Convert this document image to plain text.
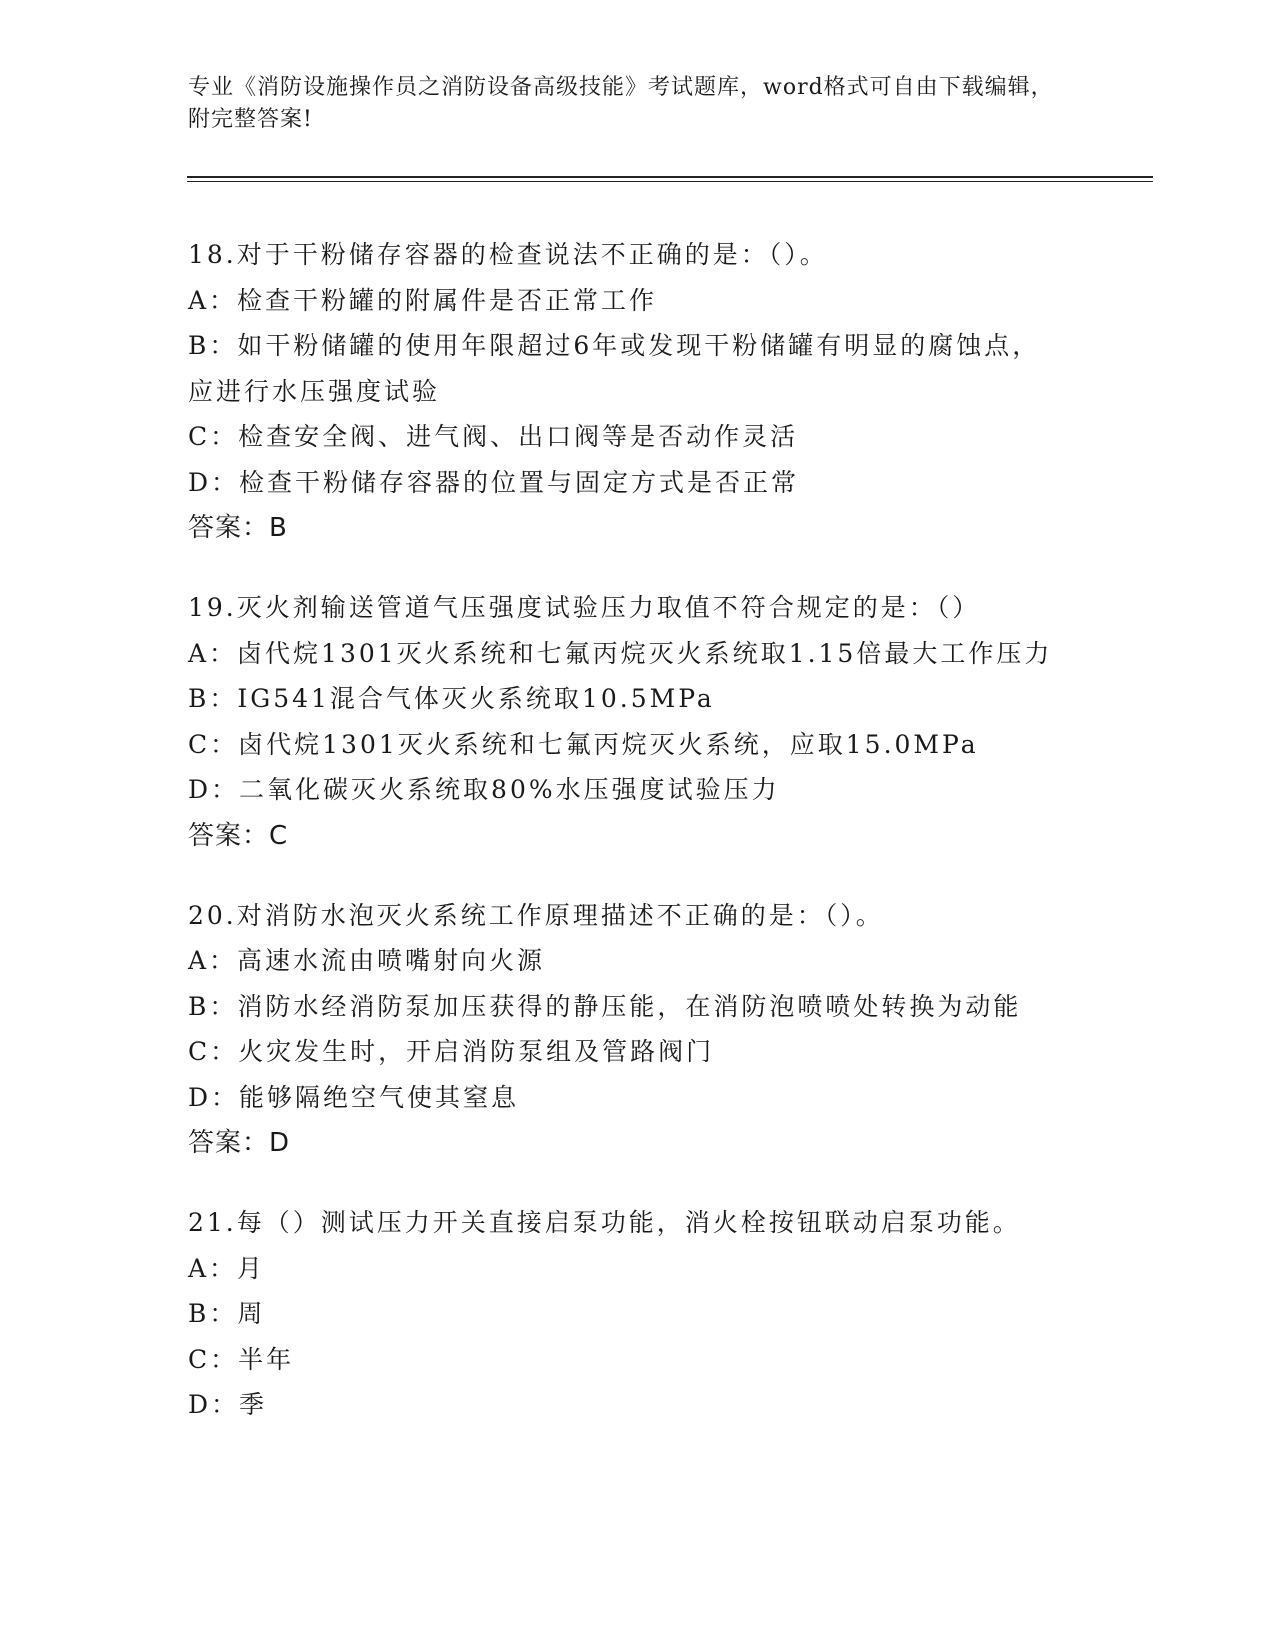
专业《消防设施操作员之消防设备高级技能》考试题库，word格式可自由下载编辑，附完整答案!
18.对于干粉储存容器的检查说法不正确的是：（）。
A：检查干粉罐的附属件是否正常工作
B：如干粉储罐的使用年限超过6年或发现干粉储罐有明显的腐蚀点，
应进行水压强度试验
C：检查安全阀、进气阀、出口阀等是否动作灵活
D：检查干粉储存容器的位置与固定方式是否正常
答案：B
19.灭火剂输送管道气压强度试验压力取值不符合规定的是：（）
A：卤代烷1301灭火系统和七氟丙烷灭火系统取1.15倍最大工作压力
B：IG541混合气体灭火系统取10.5MPa
C：卤代烷1301灭火系统和七氟丙烷灭火系统，应取15.0MPa
D：二氧化碳灭火系统取80%水压强度试验压力
答案：C
20.对消防水泡灭火系统工作原理描述不正确的是：（）。
A：高速水流由喷嘴射向火源
B：消防水经消防泵加压获得的静压能，在消防泡喷喷处转换为动能
C：火灾发生时，开启消防泵组及管路阀门
D：能够隔绝空气使其窒息
答案：D
21.每（）测试压力开关直接启泵功能，消火栓按钮联动启泵功能。
A：月
B：周
C：半年
D：季
